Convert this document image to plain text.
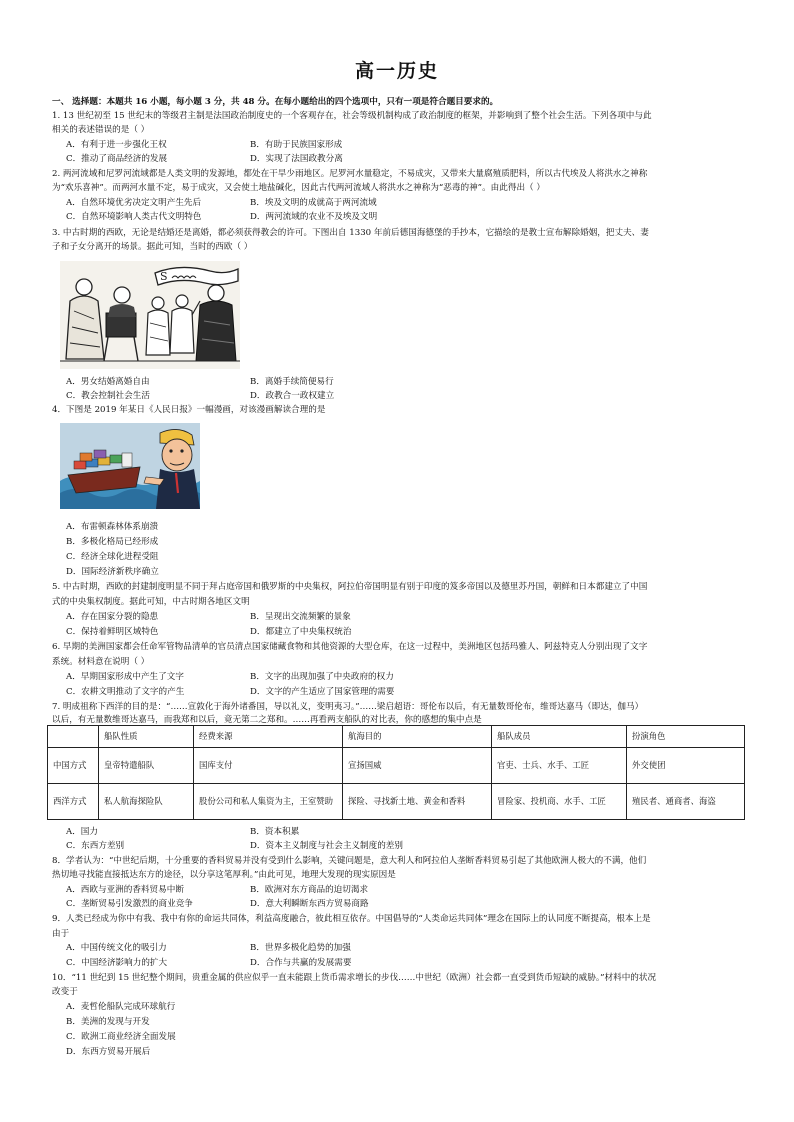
高一历史
一、 选择题：本题共 16 小题，每小题 3 分，共 48 分。在每小题给出的四个选项中，只有一项是符合题目要求的。
1. 13 世纪初至 15 世纪末的等级君主制是法国政治制度史的一个客观存在，社会等级机制构成了政治制度的框架，并影响到了整个社会生活。下列各项中与此
相关的表述错误的是（ ）
A．有利于进一步强化王权	B．有助于民族国家形成
C．推动了商品经济的发展	D．实现了法国政教分离
2. 两河流域和尼罗河流域都是人类文明的发源地，都处在干旱少雨地区。尼罗河水量稳定，不易成灾，又带来大量腐殖质肥料，所以古代埃及人将洪水之神称
为“欢乐喜神”。而两河水量不定，易于成灾，又会使土地盐碱化，因此古代两河流域人将洪水之神称为“恶毒的神”。由此得出（ ）
A．自然环境优劣决定文明产生先后	B．埃及文明的成就高于两河流域
C．自然环境影响人类古代文明特色	D．两河流域的农业不及埃及文明
3. 中古时期的西欧，无论是结婚还是离婚，都必须获得教会的许可。下图出自 1330 年前后德国海德堡的手抄本，它描绘的是教士宣布解除婚姻，把丈夫、妻
子和子女分离开的场景。据此可知，当时的西欧（ ）
S
A．男女结婚离婚自由	B．离婚手续简便易行
C．教会控制社会生活	D．政教合一政权建立
4．下图是 2019 年某日《人民日报》一幅漫画，对该漫画解读合理的是
A．布雷顿森林体系崩溃
B．多极化格局已经形成
C．经济全球化进程受阻
D．国际经济新秩序确立
5. 中古时期，西欧的封建制度明显不同于拜占庭帝国和俄罗斯的中央集权，阿拉伯帝国明显有别于印度的笈多帝国以及德里苏丹国，朝鲜和日本都建立了中国
式的中央集权制度。据此可知，中古时期各地区文明
A．存在国家分裂的隐患	B．呈现出交流频繁的景象
C．保持着鲜明区域特色	D．都建立了中央集权统治
6. 早期的美洲国家都会任命军管物品清单的官员清点国家储藏食物和其他资源的大型仓库，在这一过程中，美洲地区包括玛雅人、阿兹特克人分别出现了文字
系统。材料意在说明（ ）
A．早期国家形成中产生了文字	B．文字的出现加强了中央政府的权力
C．农耕文明推动了文字的产生	D．文字的产生适应了国家管理的需要
7. 明成祖称下西洋的目的是：“……宣敦化于海外诸番国，导以礼义，变明夷习。”……梁启超语：哥伦布以后，有无量数哥伦布，维哥达嘉马（即达，伽马）
以后，有无量数维哥达嘉马，而我郑和以后，竟无第二之郑和。……再看两支船队的对比表，你的感想的集中点是
	船队性质	经费来源	航海目的	船队成员	扮演角色
中国方式	皇帝特遣船队	国库支付	宣扬国威	官吏、士兵、水手、工匠	外交使团
西洋方式	私人航海探险队	股份公司和私人集资为主，王室赞助	探险、寻找新土地、黄金和香料	冒险家、投机商、水手、工匠	殖民者、通商者、海盗
A．国力	B．资本积累
C．东西方差别	D．资本主义制度与社会主义制度的差别
8．学者认为：“中世纪后期，十分重要的香料贸易并没有受到什么影响，关键问题是，意大利人和阿拉伯人垄断香料贸易引起了其他欧洲人极大的不满，他们
热切地寻找能直接抵达东方的途径，以分享这笔厚利。”由此可见，地理大发现的现实原因是
A．西欧与亚洲的香料贸易中断	B．欧洲对东方商品的迫切渴求
C．垄断贸易引发激烈的商业竞争	D．意大利瞬断东西方贸易商路
9．人类已经成为你中有我、我中有你的命运共同体，利益高度融合，彼此相互依存。中国倡导的“人类命运共同体”理念在国际上的认同度不断提高，根本上是
由于
A．中国传统文化的吸引力	B．世界多极化趋势的加强
C．中国经济影响力的扩大	D．合作与共赢的发展需要
10．“11 世纪到 15 世纪整个期间，贵重金属的供应似乎一直未能跟上货币需求增长的步伐……中世纪（欧洲）社会都一直受到货币短缺的威胁。”材料中的状况
改变于
A．麦哲伦船队完成环球航行
B．美洲的发现与开发
C．欧洲工商业经济全面发展
D．东西方贸易开展后
